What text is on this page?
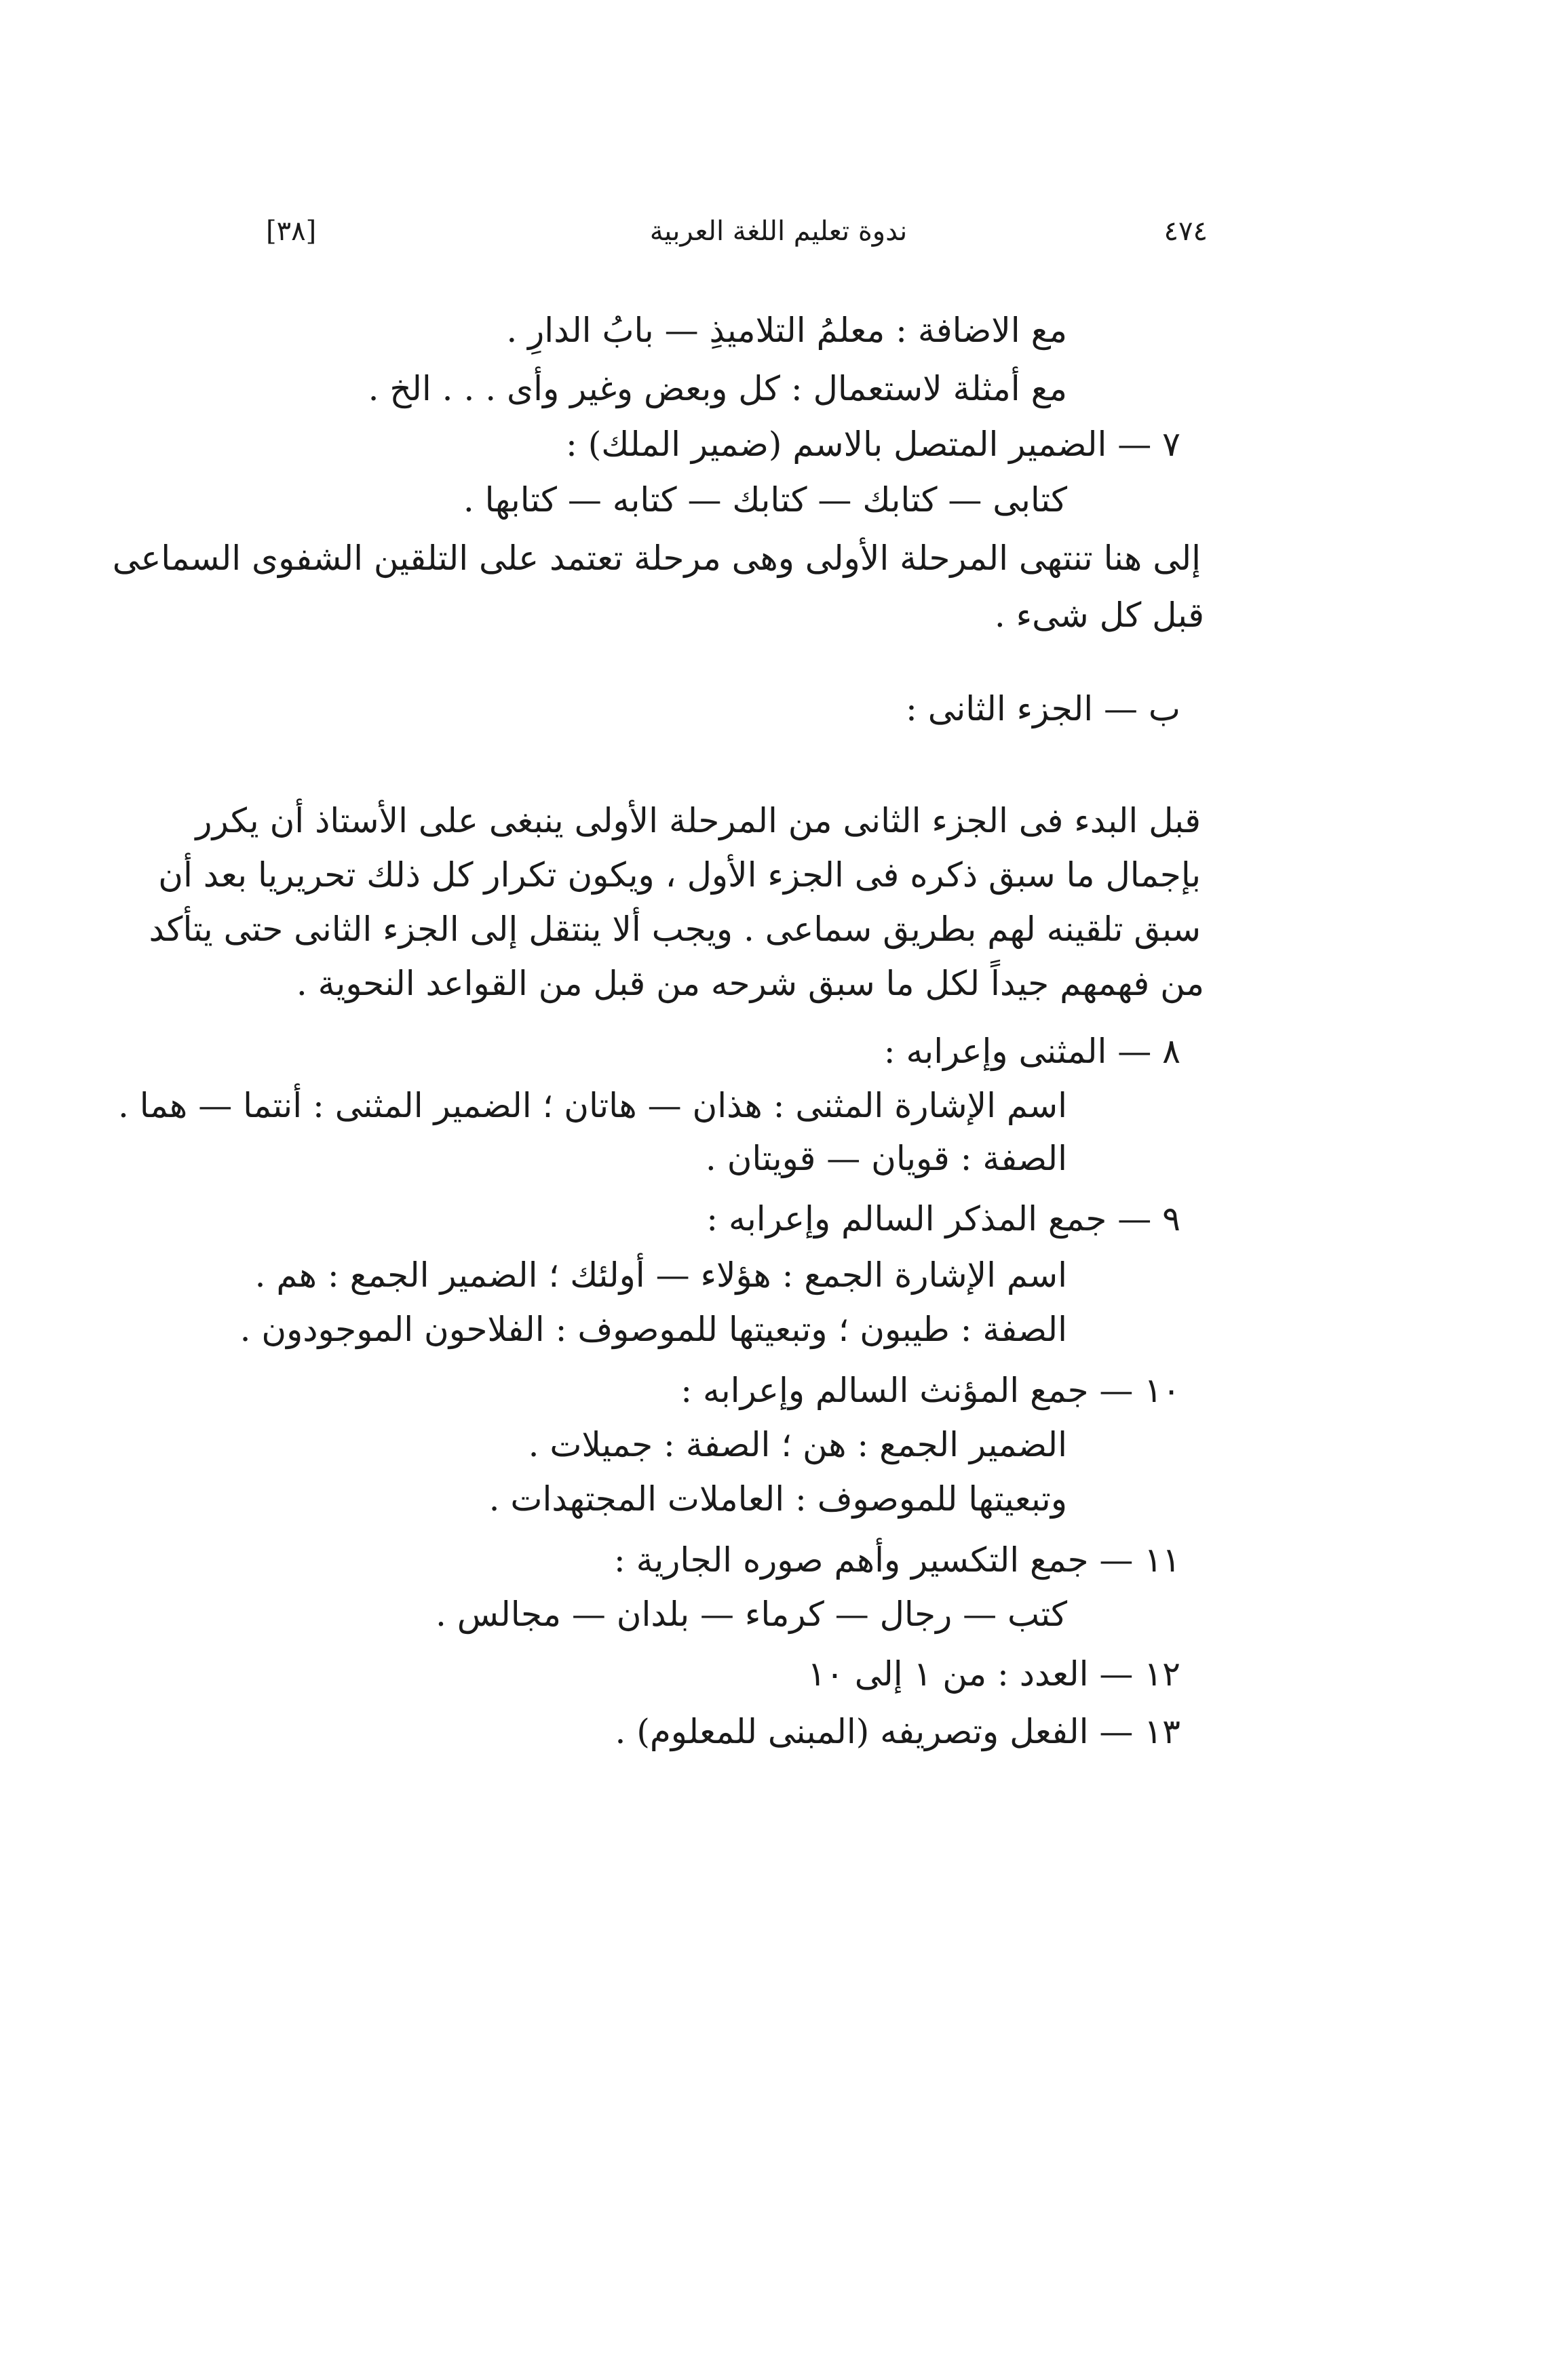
[٣٨]	ندوة تعليم اللغة العربية	٤٧٤
مع الاضافة : معلمُ التلاميذِ — بابُ الدارِ .
مع أمثلة لاستعمال : كل وبعض وغير وأى . . . الخ .
٧ — الضمير المتصل بالاسم (ضمير الملك) :
كتابى — كتابك — كتابك — كتابه — كتابها .
إلى هنا تنتهى المرحلة الأولى وهى مرحلة تعتمد على التلقين الشفوى السماعى
قبل كل شىء .
ب — الجزء الثانى :
قبل البدء فى الجزء الثانى من المرحلة الأولى ينبغى على الأستاذ أن يكرر
بإجمال ما سبق ذكره فى الجزء الأول ، ويكون تكرار كل ذلك تحريريا بعد أن
سبق تلقينه لهم بطريق سماعى . ويجب ألا ينتقل إلى الجزء الثانى حتى يتأكد
من فهمهم جيداً لكل ما سبق شرحه من قبل من القواعد النحوية .
٨ — المثنى وإعرابه :
اسم الإشارة المثنى : هذان — هاتان ؛ الضمير المثنى : أنتما — هما .
الصفة : قويان — قويتان .
٩ — جمع المذكر السالم وإعرابه :
اسم الإشارة الجمع : هؤلاء — أولئك ؛ الضمير الجمع : هم .
الصفة : طيبون ؛ وتبعيتها للموصوف : الفلاحون الموجودون .
١٠ — جمع المؤنث السالم وإعرابه :
الضمير الجمع : هن ؛ الصفة : جميلات .
وتبعيتها للموصوف : العاملات المجتهدات .
١١ — جمع التكسير وأهم صوره الجارية :
كتب — رجال — كرماء — بلدان — مجالس .
١٢ — العدد : من ١ إلى ١٠
١٣ — الفعل وتصريفه (المبنى للمعلوم) .
